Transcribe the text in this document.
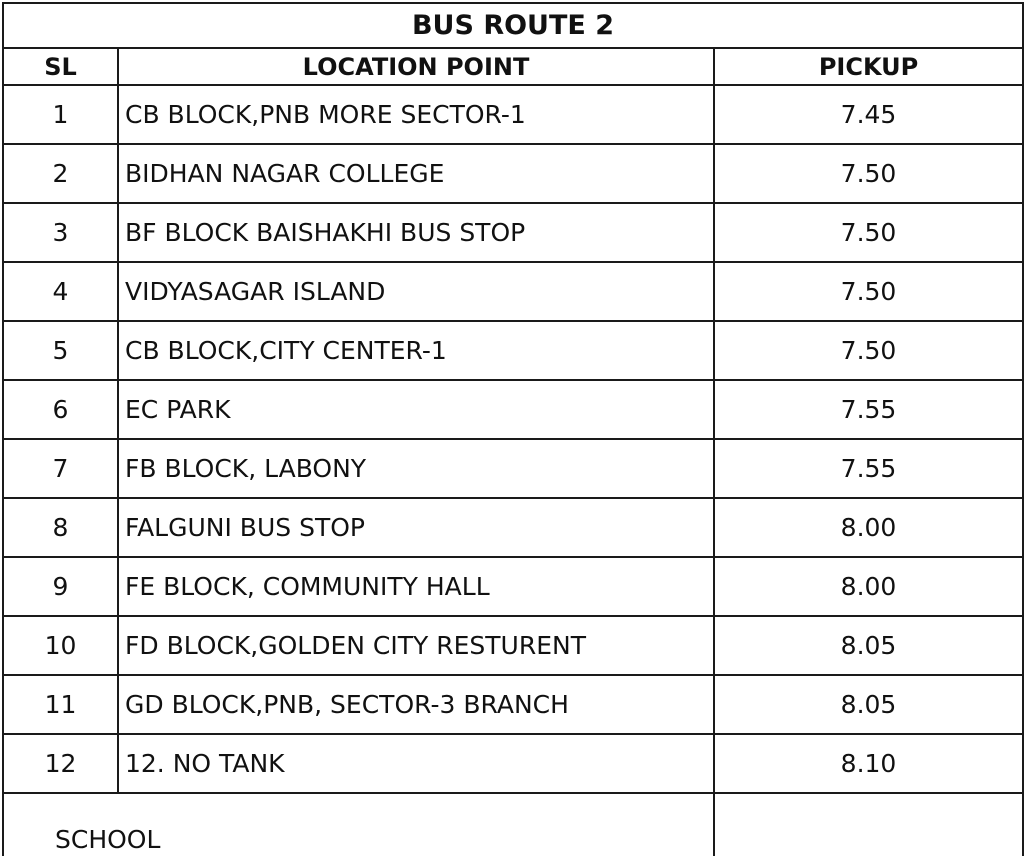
BUS ROUTE 2		
SL	LOCATION POINT	PICKUP
1	CB BLOCK,PNB MORE SECTOR-1	7.45
2	BIDHAN NAGAR COLLEGE	7.50
3	BF BLOCK BAISHAKHI BUS STOP	7.50
4	VIDYASAGAR ISLAND	7.50
5	CB BLOCK,CITY CENTER-1	7.50
6	EC PARK	7.55
7	FB BLOCK, LABONY	7.55
8	FALGUNI BUS STOP	8.00
9	FE BLOCK, COMMUNITY HALL	8.00
10	FD BLOCK,GOLDEN CITY RESTURENT	8.05
11	GD BLOCK,PNB, SECTOR-3 BRANCH	8.05
12	12. NO TANK	8.10
SCHOOL		
